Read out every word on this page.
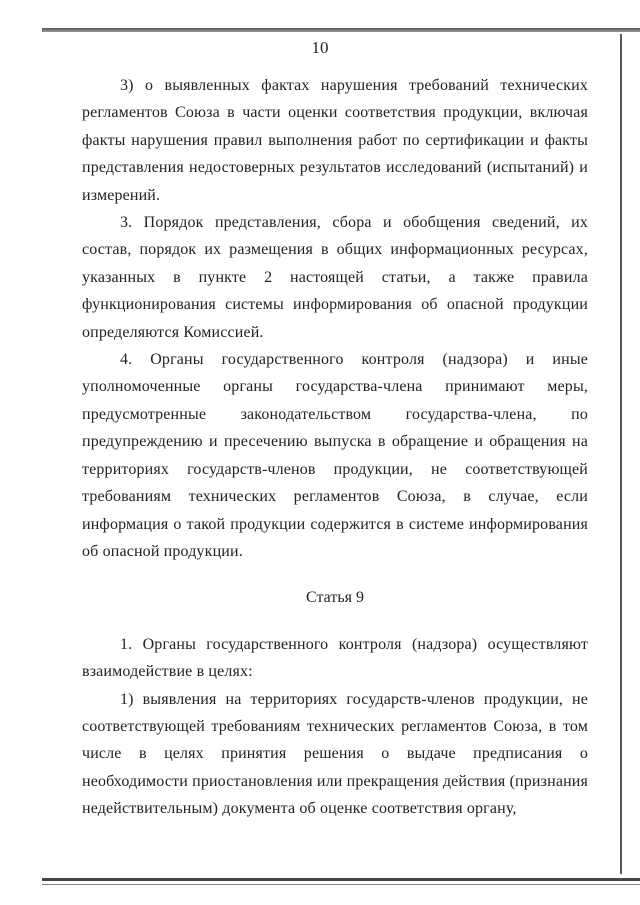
10

3) о выявленных фактах нарушения требований технических регламентов Союза в части оценки соответствия продукции, включая факты нарушения правил выполнения работ по сертификации и факты представления недостоверных результатов исследований (испытаний) и измерений.

3. Порядок представления, сбора и обобщения сведений, их состав, порядок их размещения в общих информационных ресурсах, указанных в пункте 2 настоящей статьи, а также правила функционирования системы информирования об опасной продукции определяются Комиссией.

4. Органы государственного контроля (надзора) и иные уполномоченные органы государства-члена принимают меры, предусмотренные законодательством государства-члена, по предупреждению и пресечению выпуска в обращение и обращения на территориях государств-членов продукции, не соответствующей требованиям технических регламентов Союза, в случае, если информация о такой продукции содержится в системе информирования об опасной продукции.

Статья 9

1. Органы государственного контроля (надзора) осуществляют взаимодействие в целях:

1) выявления на территориях государств-членов продукции, не соответствующей требованиям технических регламентов Союза, в том числе в целях принятия решения о выдаче предписания о необходимости приостановления или прекращения действия (признания недействительным) документа об оценке соответствия органу,
